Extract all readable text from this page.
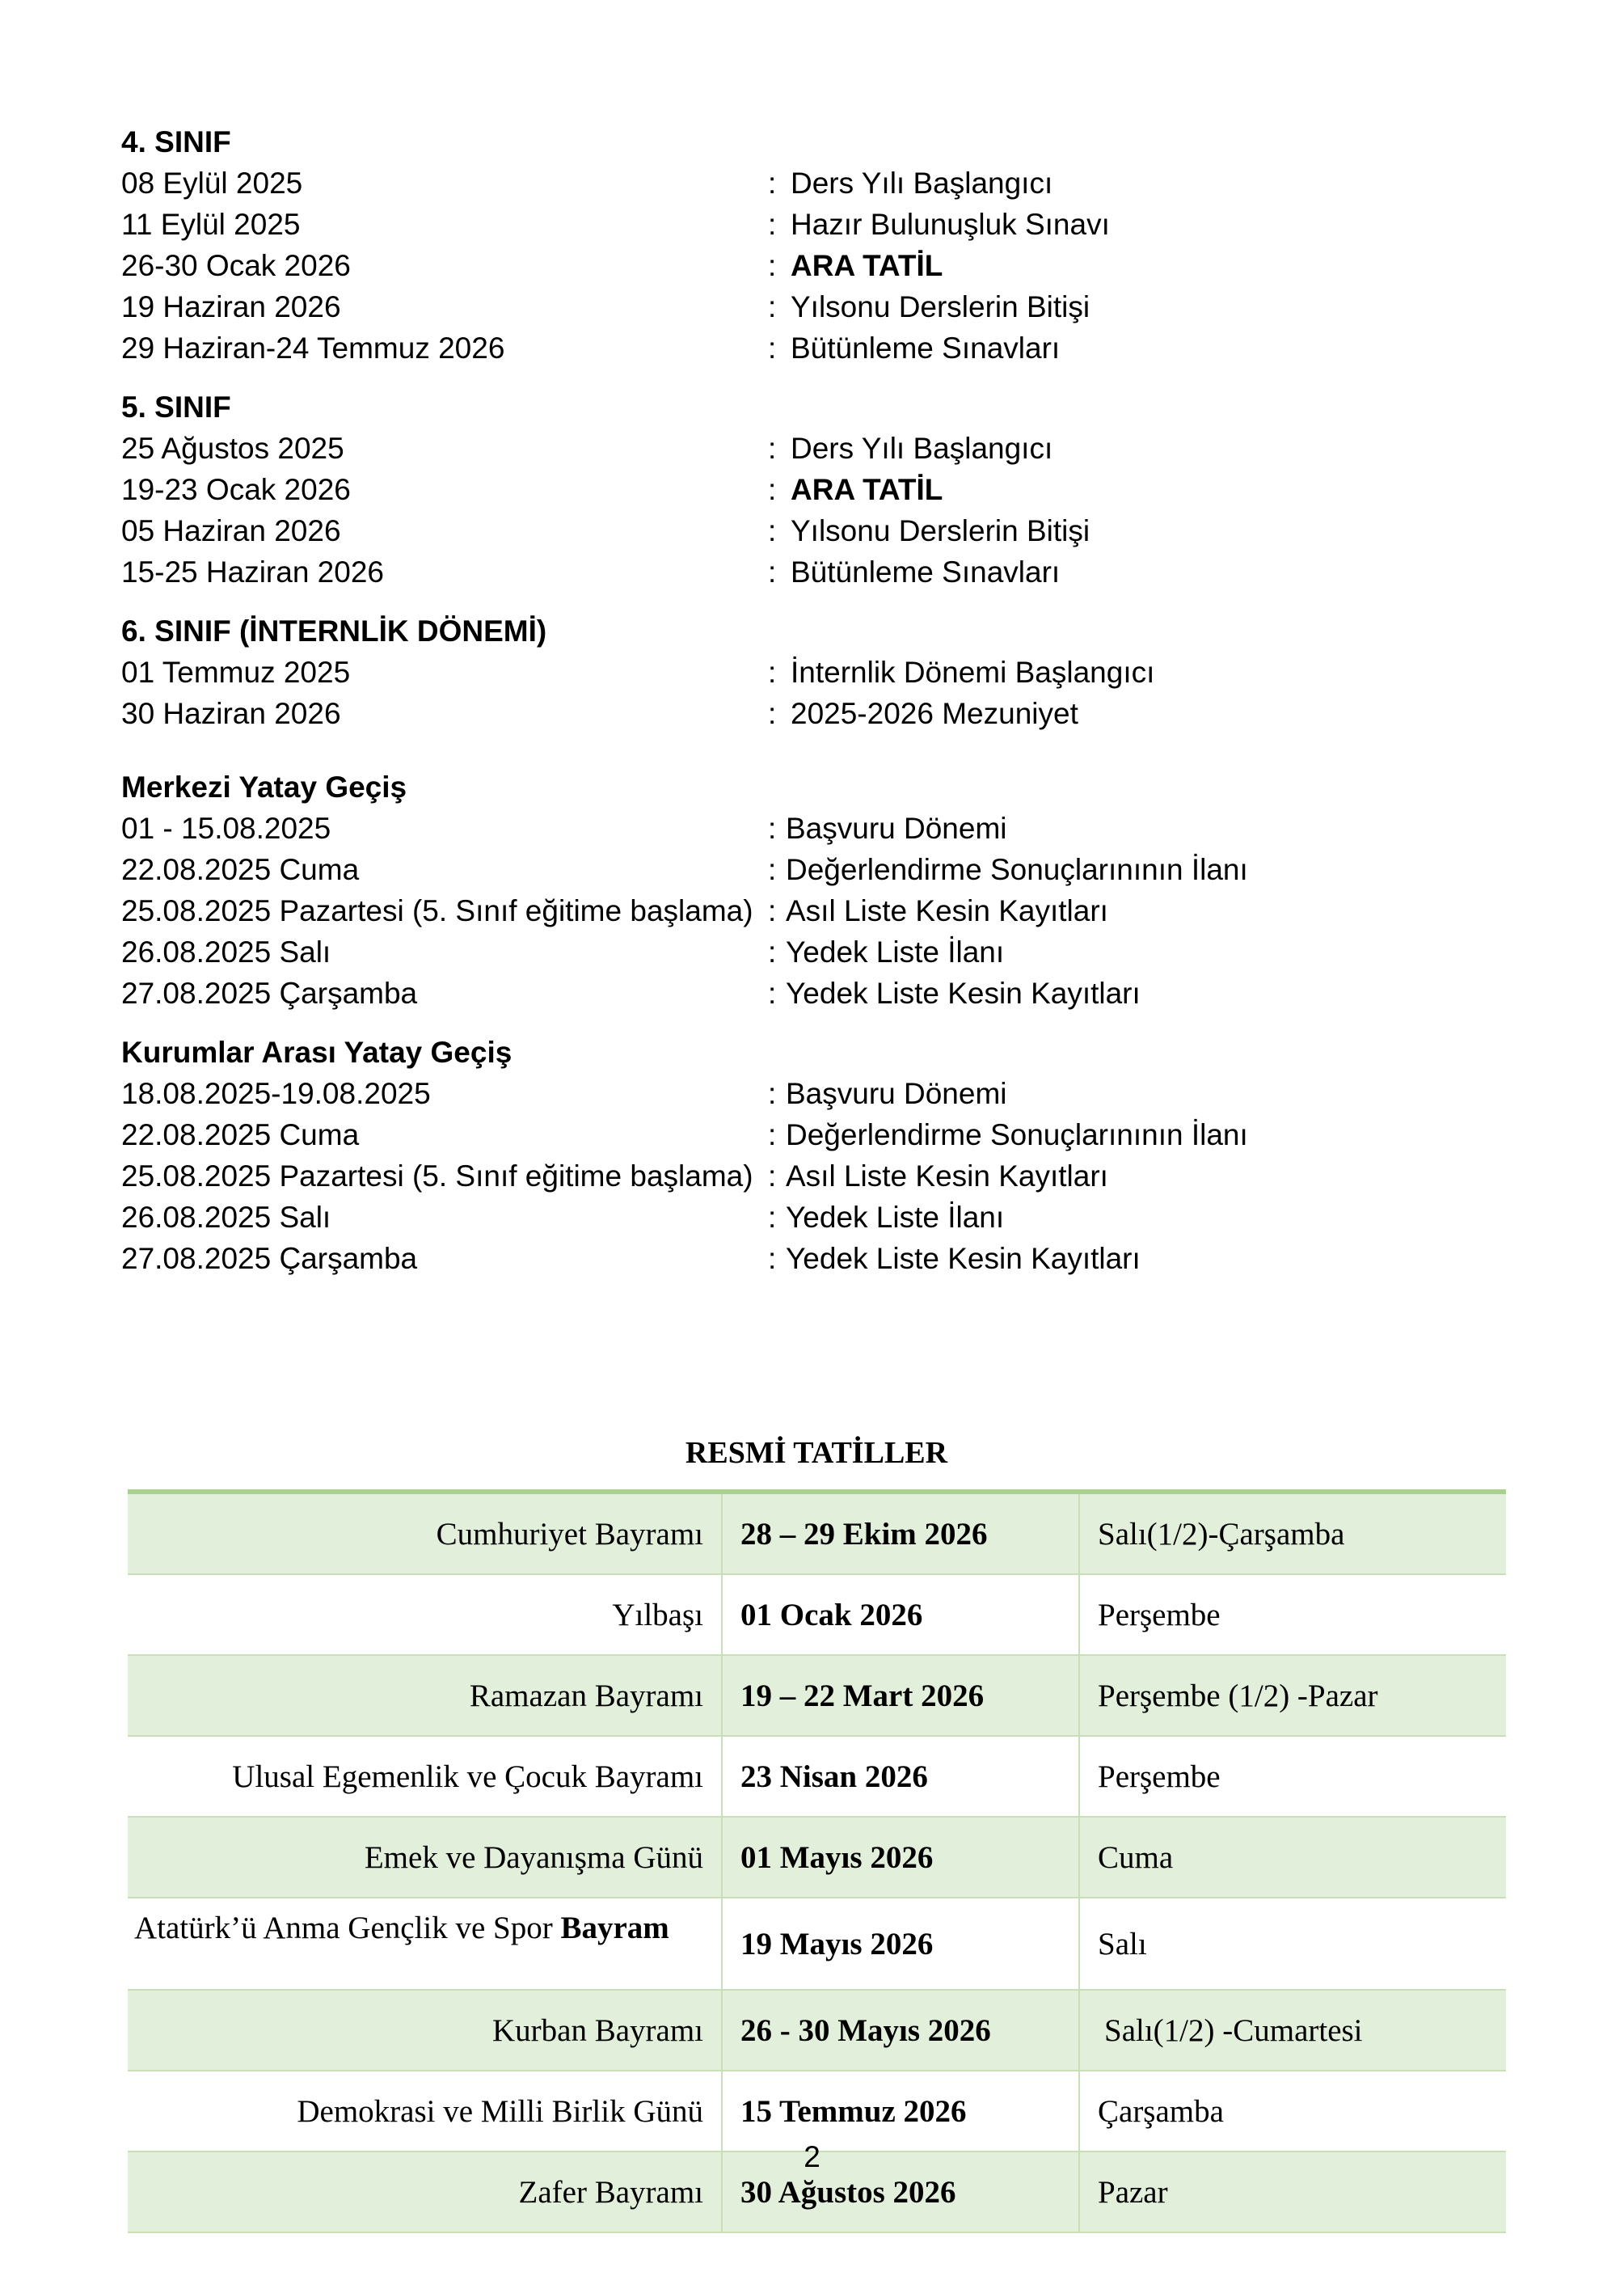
4. SINIF
08 Eylül 2025	: Ders Yılı Başlangıcı
11 Eylül 2025	: Hazır Bulunuşluk Sınavı
26-30 Ocak 2026	: ARA TATİL
19 Haziran 2026	: Yılsonu Derslerin Bitişi
29 Haziran-24 Temmuz 2026	: Bütünleme Sınavları
5. SINIF
25 Ağustos 2025	: Ders Yılı Başlangıcı
19-23 Ocak 2026	: ARA TATİL
05 Haziran 2026	: Yılsonu Derslerin Bitişi
15-25 Haziran 2026	: Bütünleme Sınavları
6. SINIF (İNTERNLİK DÖNEMİ)
01 Temmuz 2025	: İnternlik Dönemi Başlangıcı
30 Haziran 2026	: 2025-2026 Mezuniyet
Merkezi Yatay Geçiş
01 - 15.08.2025	: Başvuru Dönemi
22.08.2025 Cuma	: Değerlendirme Sonuçlarınının İlanı
25.08.2025 Pazartesi (5. Sınıf eğitime başlama) : Asıl Liste Kesin Kayıtları
26.08.2025 Salı	: Yedek Liste İlanı
27.08.2025 Çarşamba	: Yedek Liste Kesin Kayıtları
Kurumlar Arası Yatay Geçiş
18.08.2025-19.08.2025	: Başvuru Dönemi
22.08.2025 Cuma	: Değerlendirme Sonuçlarınının İlanı
25.08.2025 Pazartesi (5. Sınıf eğitime başlama) : Asıl Liste Kesin Kayıtları
26.08.2025 Salı	: Yedek Liste İlanı
27.08.2025 Çarşamba	: Yedek Liste Kesin Kayıtları
RESMİ TATİLLER
Cumhuriyet Bayramı	28 – 29 Ekim 2026	Salı(1/2)-Çarşamba
Yılbaşı	01 Ocak 2026	Perşembe
Ramazan Bayramı	19 – 22 Mart 2026	Perşembe (1/2) -Pazar
Ulusal Egemenlik ve Çocuk Bayramı	23 Nisan 2026	Perşembe
Emek ve Dayanışma Günü	01 Mayıs 2026	Cuma
Atatürk’ü Anma Gençlik ve Spor Bayram	19 Mayıs 2026	Salı
Kurban Bayramı	26 - 30 Mayıs 2026	Salı(1/2) -Cumartesi
Demokrasi ve Milli Birlik Günü	15 Temmuz 2026	Çarşamba
Zafer Bayramı	30 Ağustos 2026	Pazar
2
